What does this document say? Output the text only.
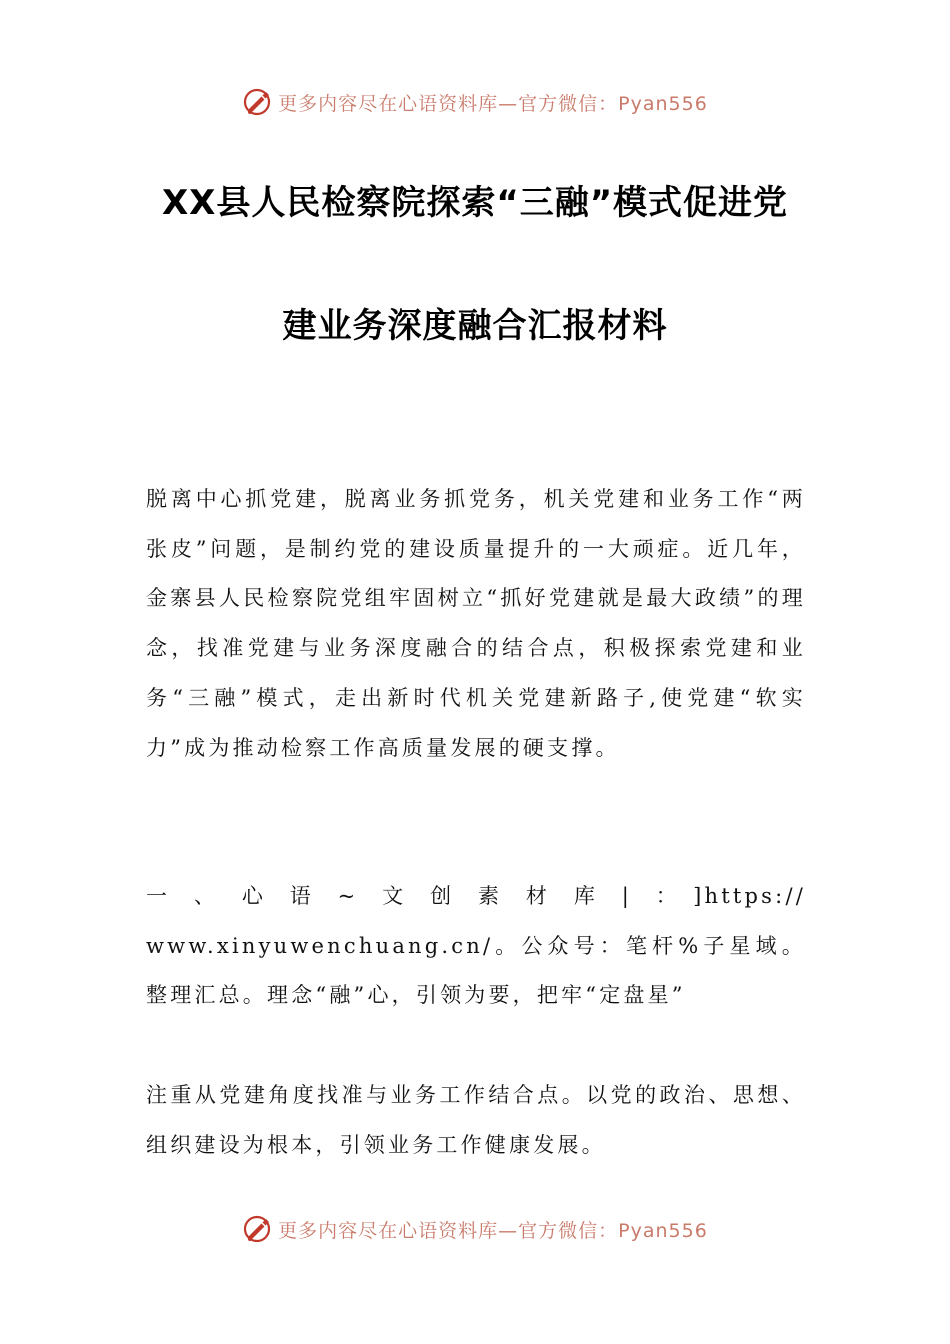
更多内容尽在心语资料库—官方微信：Pyan556
XX县人民检察院探索“三融”模式促进党
建业务深度融合汇报材料
脱离中心抓党建，脱离业务抓党务，机关党建和业务工作“两张皮”问题，是制约党的建设质量提升的一大顽症。近几年，金寨县人民检察院党组牢固树立“抓好党建就是最大政绩”的理念，找准党建与业务深度融合的结合点，积极探索党建和业务“三融”模式，走出新时代机关党建新路子,使党建“软实力”成为推动检察工作高质量发展的硬支撑。
一、心语~文创素材库|：]https://
www.xinyuwenchuang.cn/。公众号：笔杆%子星域。整理汇总。理念“融”心，引领为要，把牢“定盘星”
注重从党建角度找准与业务工作结合点。以党的政治、思想、组织建设为根本，引领业务工作健康发展。
更多内容尽在心语资料库—官方微信：Pyan556
